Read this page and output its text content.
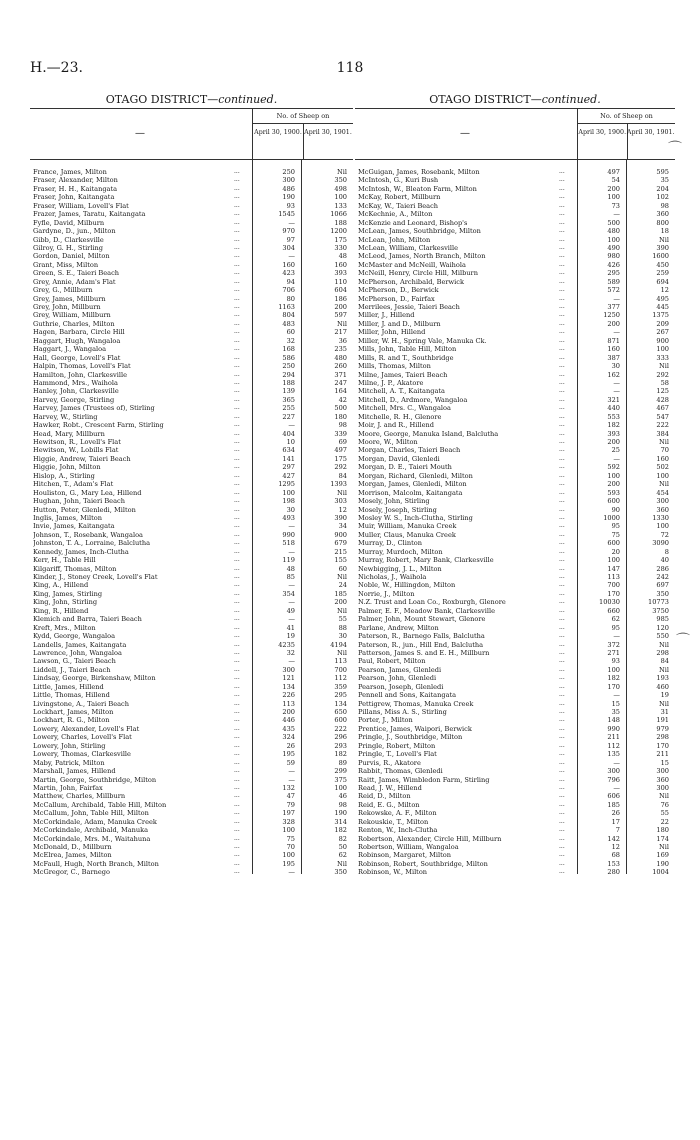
H.—23.	118
OTAGO DISTRICT—continued.
—
No. of Sheep on
April 30, 1900. April 30, 1901.
France, James, Milton	...	250	Nil
Fraser, Alexander, Milton	...	300	350
Fraser, H. H., Kaitangata	...	486	498
Fraser, John, Kaitangata	...	190	100
Fraser, William, Lovell's Flat	...	93	133
Frazer, James, Taratu, Kaitangata	...	1545	1066
Fyfle, David, Milburn	...	—	188
Gardyne, D., jun., Milton	...	970	1200
Gibb, D., Clarkesville	...	97	175
Gilroy, G. H., Stirling	...	304	330
Gordon, Daniel, Milton	...	—	48
Grant, Miss, Milton	...	160	160
Green, S. E., Taieri Beach	...	423	393
Grey, Annie, Adam's Flat	...	94	110
Grey, G., Millburn	...	706	604
Grey, James, Millburn	...	80	186
Grey, John, Millburn	...	1163	200
Grey, William, Millburn	...	804	597
Guthrie, Charles, Milton	...	483	Nil
Hagen, Barbara, Circle Hill	...	60	217
Haggart, Hugh, Wangaloa	...	32	36
Haggart, J., Wangaloa	...	168	235
Hall, George, Lovell's Flat	...	586	480
Halpin, Thomas, Lovell's Flat	...	250	260
Hamilton, John, Clarkesville	...	294	371
Hammond, Mrs., Waihola	...	188	247
Hanley, John, Clarkesville	...	139	164
Harvey, George, Stirling	...	365	42
Harvey, James (Trustees of), Stirling	...	255	500
Harvey, W., Stirling	...	227	180
Hawker, Robt., Crescent Farm, Stirling	...	—	98
Head, Mary, Millburn	...	404	339
Hewitson, R., Lovell's Flat	...	10	69
Hewitson, W., Lobills Flat	...	634	497
Higgie, Andrew, Taieri Beach	...	141	175
Higgie, John, Milton	...	297	292
Hislop, A., Stirling	...	427	84
Hitchen, T., Adam's Flat	...	1295	1393
Houliston, G., Mary Lea, Hillend	...	100	Nil
Hughan, John, Taieri Beach	...	198	303
Hutton, Peter, Glenledi, Milton	...	30	12
Inglis, James, Milton	...	493	390
Invie, James, Kaitangata	...	—	34
Johnson, T., Rosebank, Wangaloa	...	990	900
Johnston, T. A., Lorraine, Balclutha	...	518	679
Kennedy, James, Inch-Clutha	...	—	215
Kerr, H., Table Hill	...	119	155
Kilgariff, Thomas, Milton	...	48	60
Kinder, J., Stoney Creek, Lovell's Flat	...	85	Nil
King, A., Hillend	...	—	24
King, James, Stirling	...	354	185
King, John, Stirling	...	—	200
King, R., Hillend	...	49	Nil
Klemich and Barra, Taieri Beach	...	—	55
Kreft, Mrs., Milton	...	41	88
Kydd, George, Wangaloa	...	19	30
Landells, James, Kaitangata	...	4235	4194
Lawrence, John, Wangaloa	...	32	Nil
Lawson, G., Taieri Beach	...	—	113
Liddell, J., Taieri Beach	...	300	700
Lindsay, George, Birkenshaw, Milton	...	121	112
Little, James, Hillend	...	134	359
Little, Thomas, Hillend	...	226	295
Livingstone, A., Taieri Beach	...	113	134
Lockhart, James, Milton	...	200	650
Lockhart, R. G., Milton	...	446	600
Lowery, Alexander, Lovell's Flat	...	435	222
Lowery, Charles, Lovell's Flat	...	324	296
Lowery, John, Stirling	...	26	293
Lowery, Thomas, Clarkesville	...	195	182
Maby, Patrick, Milton	...	59	89
Marshall, James, Hillend	...	—	299
Martin, George, Southbridge, Milton	...	—	375
Martin, John, Fairfax	...	132	100
Matthew, Charles, Millburn	...	47	46
McCallum, Archibald, Table Hill, Milton	...	79	98
McCallum, John, Table Hill, Milton	...	197	190
McCorkindale, Adam, Manuka Creek	...	328	314
McCorkindale, Archibald, Manuka	...	100	182
McCorkindale, Mrs. M., Waitahuna	...	75	82
McDonald, D., Millburn	...	70	50
McElrea, James, Milton	...	100	62
McFaull, Hugh, North Branch, Milton	...	195	Nil
McGregor, C., Barnego	...	—	350
OTAGO DISTRICT—continued.
—
No. of Sheep on
April 30, 1900. April 30, 1901.
McGuigan, James, Rosebank, Milton	...	497	595
McIntosh, G., Kuri Bush	...	54	35
McIntosh, W., Bleaton Farm, Milton	...	200	204
McKay, Robert, Millburn	...	100	102
McKay, W., Taieri Beach	...	73	98
McKechnie, A., Milton	...	—	360
McKenzie and Leonard, Bishop's	...	500	800
McLean, James, Southbridge, Milton	...	480	18
McLean, John, Milton	...	100	Nil
McLean, William, Clarkesville	...	490	390
McLeod, James, North Branch, Milton	...	980	1600
McMaster and McNeill, Waihola	...	426	450
McNeill, Henry, Circle Hill, Milburn	...	295	259
McPherson, Archibald, Berwick	...	589	694
McPherson, D., Berwick	...	572	12
McPherson, D., Fairfax	...	—	495
Merrilees, Jessie, Taieri Beach	...	377	445
Miller, J., Hillend	...	1250	1375
Miller, J. and D., Milburn	...	200	209
Miller, John, Hillend	...	—	267
Miller, W. H., Spring Vale, Manuka Ck.	...	871	900
Mills, John, Table Hill, Milton	...	160	100
Mills, R. and T., Southbridge	...	387	333
Mills, Thomas, Milton	...	30	Nil
Milne, James, Taieri Beach	...	162	292
Milne, J. P., Akatore	...	—	58
Mitchell, A. T., Kaitangata	...	—	125
Mitchell, D., Ardmore, Wangaloa	...	321	428
Mitchell, Mrs. C., Wangaloa	...	440	467
Mitchelle, R. H., Glenore	...	553	547
Moir, J. and R., Hillend	...	182	222
Moore, George, Manuka Island, Balclutha	...	393	384
Moore, W., Milton	...	200	Nil
Morgan, Charles, Taieri Beach	...	25	70
Morgan, David, Glenledi	...	—	160
Morgan, D. E., Taieri Mouth	...	592	502
Morgan, Richard, Glenledi, Milton	...	100	100
Morgan, James, Glenledi, Milton	...	200	Nil
Morrison, Malcolm, Kaitangata	...	593	454
Mosely, John, Stirling	...	600	300
Mosely, Joseph, Stirling	...	90	360
Mosley W. S., Inch-Clutha, Stirling	...	1000	1330
Muir, William, Manuka Creek	...	95	100
Muller, Claus, Manuka Creek	...	75	72
Murray, D., Clinton	...	600	3090
Murray, Murdoch, Milton	...	20	8
Murray, Robert, Mary Bank, Clarkesville	...	100	40
Newbigging, J. L., Milton	...	147	286
Nicholas, J., Waihola	...	113	242
Noble, W., Hillingdon, Milton	...	700	697
Norrie, J., Milton	...	170	350
N.Z. Trust and Loan Co., Roxburgh, Glenore	...	10030	10773
Palmer, E. F., Meadow Bank, Clarkesville	...	660	3750
Palmer, John, Mount Stewart, Glenore	...	62	985
Parlane, Andrew, Milton	...	95	120
Paterson, R., Barnego Falls, Balclutha	...	—	550
Paterson, R., jun., Hill End, Balclutha	...	372	Nil
Patterson, James S. and E. H., Millburn	...	271	298
Paul, Robert, Milton	...	93	84
Pearson, James, Glenledi	...	100	Nil
Pearson, John, Glenledi	...	182	193
Pearson, Joseph, Glenledi	...	170	460
Pennell and Sons, Kaitangata	...	—	19
Pettigrew, Thomas, Manuka Creek	...	15	Nil
Pillans, Miss A. S., Stirling	...	35	31
Porter, J., Milton	...	148	191
Prentice, James, Waipori, Berwick	...	990	979
Pringle, J., Southbridge, Milton	...	211	298
Pringle, Robert, Milton	...	112	170
Pringle, T., Lovell's Flat	...	135	211
Purvis, R., Akatore	...	—	15
Rabbit, Thomas, Glenledi	...	300	300
Raitt, James, Wimbledon Farm, Stirling	...	796	360
Read, J. W., Hillend	...	—	300
Reid, D., Milton	...	606	Nil
Reid, E. G., Milton	...	185	76
Rekowske, A. F., Milton	...	26	55
Rekouskie, T., Milton	...	17	22
Renton, W., Inch-Clutha	...	7	180
Robertson, Alexander, Circle Hill, Millburn	...	142	174
Robertson, William, Wangaloa	...	12	Nil
Robinson, Margaret, Milton	...	68	169
Robinson, Robert, Southbridge, Milton	...	153	190
Robinson, W., Milton	...	280	1004
⌒
⌒
